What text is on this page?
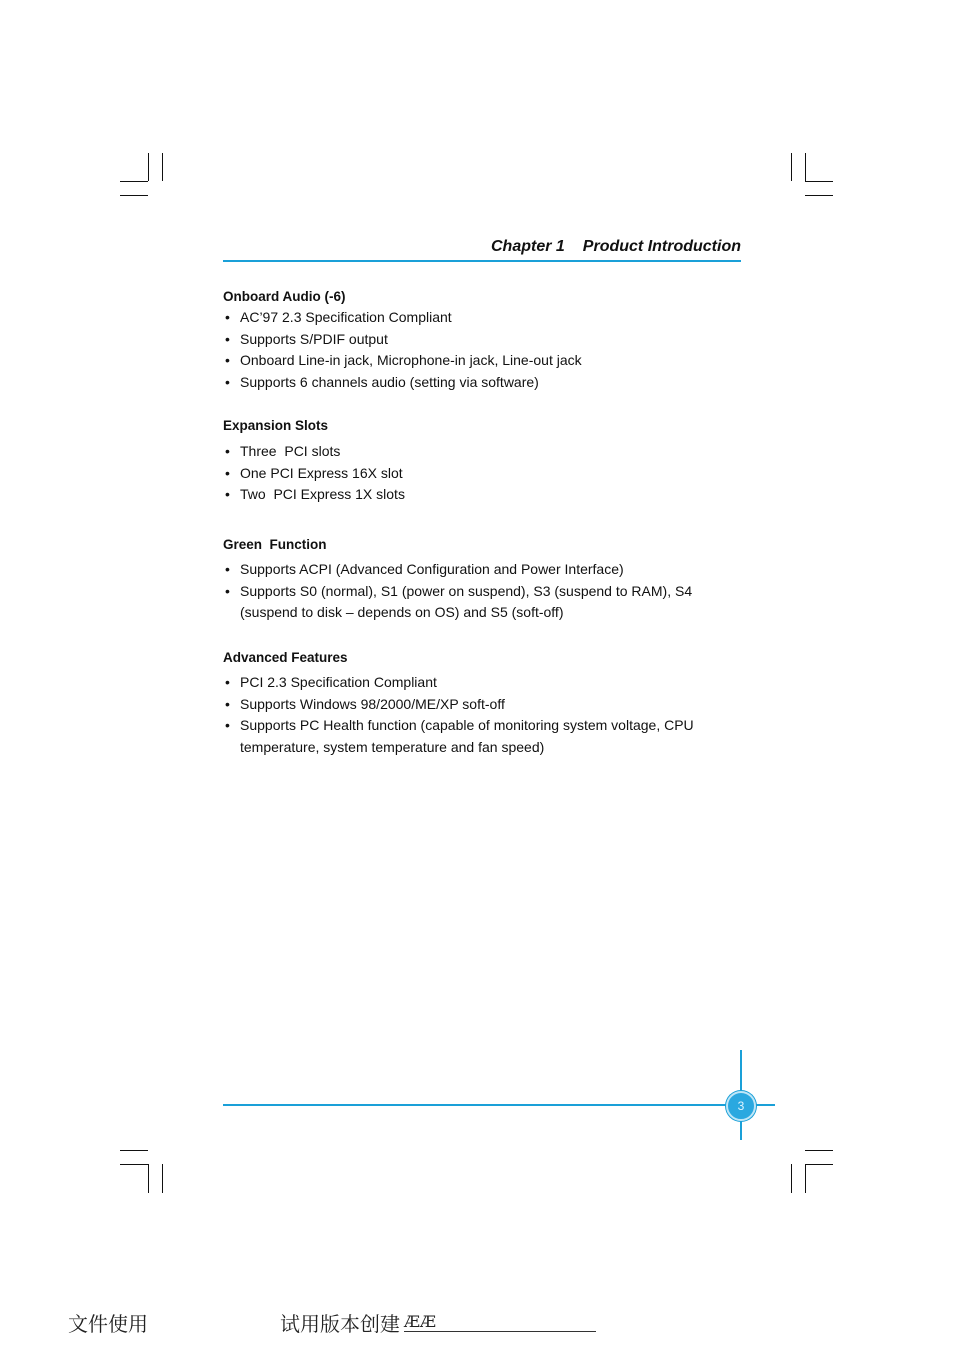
Chapter 1 Product Introduction
Onboard Audio (-6)
• AC’97 2.3 Specification Compliant
• Supports S/PDIF output
• Onboard Line-in jack, Microphone-in jack, Line-out jack
• Supports 6 channels audio (setting via software)
Expansion Slots
• Three  PCI slots
• One PCI Express 16X slot
• Two  PCI Express 1X slots
Green  Function
• Supports ACPI (Advanced Configuration and Power Interface)
• Supports S0 (normal), S1 (power on suspend), S3 (suspend to RAM), S4 (suspend to disk – depends on OS) and S5 (soft-off)
Advanced Features
• PCI 2.3 Specification Compliant
• Supports Windows 98/2000/ME/XP soft-off
• Supports PC Health function (capable of monitoring system voltage, CPU temperature, system temperature and fan speed)
3
文件使用	试用版本创建 ÆÆ
